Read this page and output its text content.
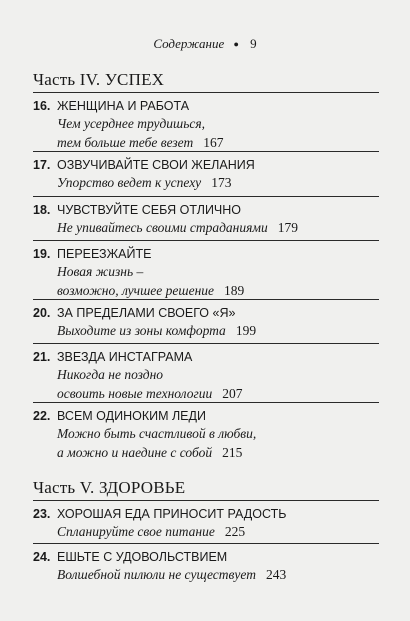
Содержание ● 9
Часть IV. УСПЕХ
16. ЖЕНЩИНА И РАБОТА
Чем усерднее трудишься,
тем больше тебе везет 167
17. ОЗВУЧИВАЙТЕ СВОИ ЖЕЛАНИЯ
Упорство ведет к успеху 173
18. ЧУВСТВУЙТЕ СЕБЯ ОТЛИЧНО
Не упивайтесь своими страданиями 179
19. ПЕРЕЕЗЖАЙТЕ
Новая жизнь –
возможно, лучшее решение 189
20. ЗА ПРЕДЕЛАМИ СВОЕГО «Я»
Выходите из зоны комфорта 199
21. ЗВЕЗДА ИНСТАГРАМА
Никогда не поздно
освоить новые технологии 207
22. ВСЕМ ОДИНОКИМ ЛЕДИ
Можно быть счастливой в любви,
а можно и наедине с собой 215
Часть V. ЗДОРОВЬЕ
23. ХОРОШАЯ ЕДА ПРИНОСИТ РАДОСТЬ
Спланируйте свое питание 225
24. ЕШЬТЕ С УДОВОЛЬСТВИЕМ
Волшебной пилюли не существует 243
